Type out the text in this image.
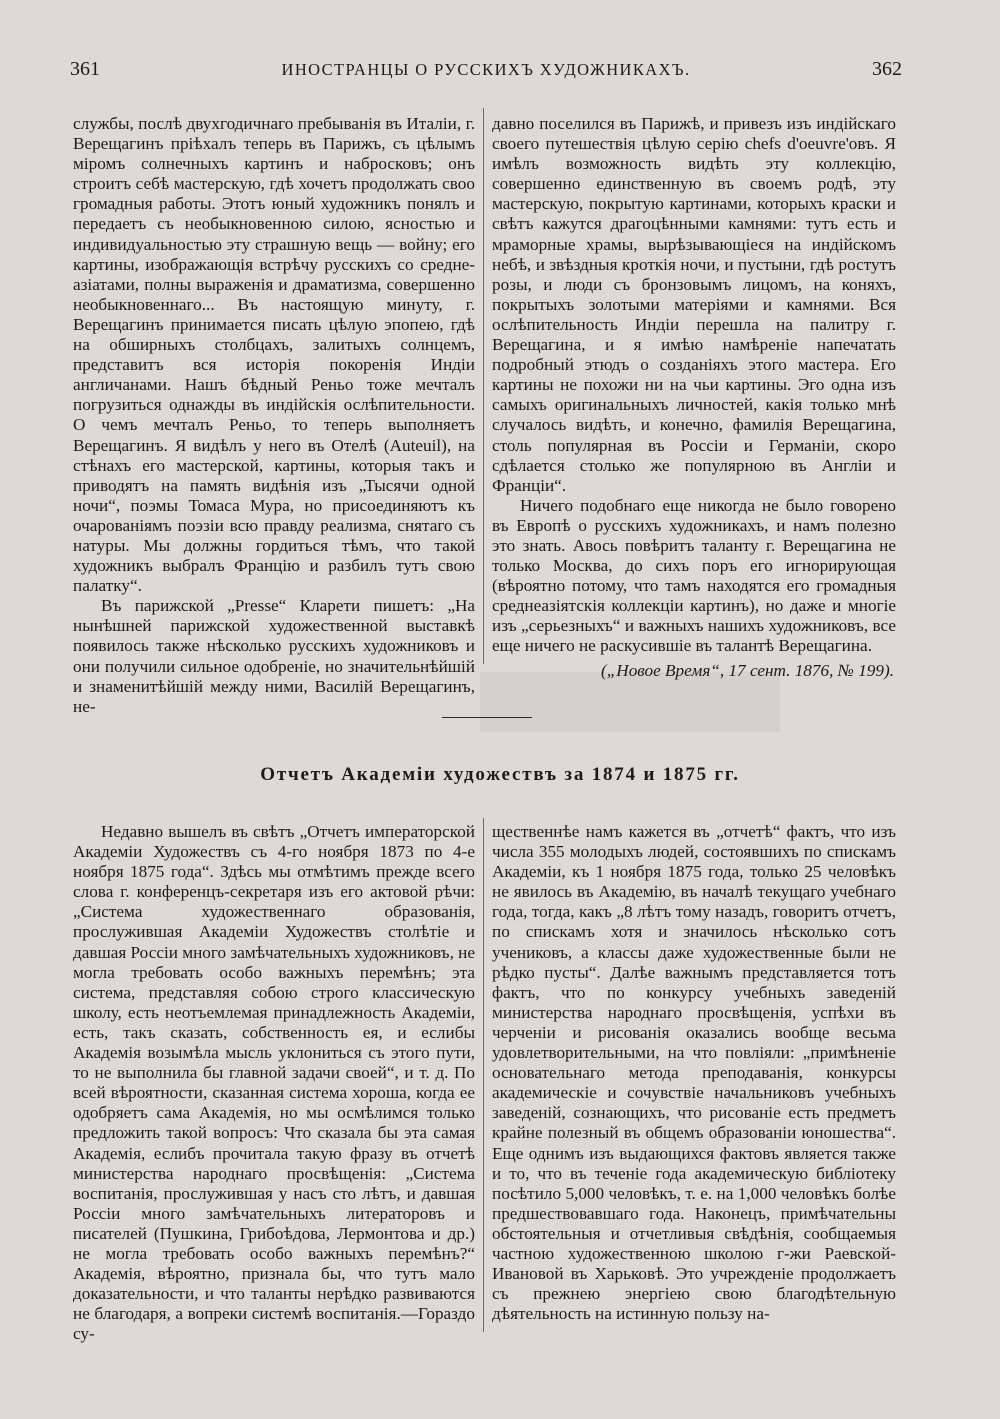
361	ИНОСТРАНЦЫ О РУССКИХЪ ХУДОЖНИКАХЪ.	362

службы, послѣ двухгодичнаго пребыванія въ Италіи, г. Верещагинъ пріѣхалъ теперь въ Парижъ, съ цѣлымъ міромъ солнечныхъ картинъ и набросковъ; онъ строитъ себѣ мастерскую, гдѣ хочетъ продолжать своо громадныя работы. Этотъ юный художникъ понялъ и передаетъ съ необыкновенною силою, ясностью и индивидуальностью эту страшную вещь — войну; его картины, изображающія встрѣчу русскихъ со средне-азіатами, полны выраженія и драматизма, совершенно необыкновеннаго... Въ настоящую минуту, г. Верещагинъ принимается писать цѣлую эпопею, гдѣ на обширныхъ столбцахъ, залитыхъ солнцемъ, представитъ вся исторія покоренія Индіи англичанами. Нашъ бѣдный Реньо тоже мечталъ погрузиться однажды въ индійскія ослѣпительности. О чемъ мечталъ Реньо, то теперь выполняетъ Верещагинъ. Я видѣлъ у него въ Отелѣ (Auteuil), на стѣнахъ его мастерской, картины, которыя такъ и приводятъ на память видѣнія изъ „Тысячи одной ночи“, поэмы Томаса Мура, но присоединяютъ къ очарованіямъ поэзіи всю правду реализма, снятаго съ натуры. Мы должны гордиться тѣмъ, что такой художникъ выбралъ Францію и разбилъ тутъ свою палатку“.

Въ парижской „Presse“ Кларети пишетъ: „На нынѣшней парижской художественной выставкѣ появилось также нѣсколько русскихъ художниковъ и они получили сильное одобреніе, но значительнѣйшій и знаменитѣйшій между ними, Василій Верещагинъ, не-

давно поселился въ Парижѣ, и привезъ изъ индійскаго своего путешествія цѣлую серію chefs d'oeuvre'овъ. Я имѣлъ возможность видѣть эту коллекцію, совершенно единственную въ своемъ родѣ, эту мастерскую, покрытую картинами, которыхъ краски и свѣтъ кажутся драгоцѣнными камнями: тутъ есть и мраморные храмы, вырѣзывающіеся на индійскомъ небѣ, и звѣздныя кроткія ночи, и пустыни, гдѣ ростутъ розы, и люди съ бронзовымъ лицомъ, на коняхъ, покрытыхъ золотыми матеріями и камнями. Вся ослѣпительность Индіи перешла на палитру г. Верещагина, и я имѣю намѣреніе напечатать подробный этюдъ о созданіяхъ этого мастера. Его картины не похожи ни на чьи картины. Эго одна изъ самыхъ оригинальныхъ личностей, какія только мнѣ случалось видѣть, и конечно, фамилія Верещагина, столь популярная въ Россіи и Германіи, скоро сдѣлается столько же популярною въ Англіи и Франціи“.

Ничего подобнаго еще никогда не было говорено въ Европѣ о русскихъ художникахъ, и намъ полезно это знать. Авось повѣритъ таланту г. Верещагина не только Москва, до сихъ поръ его игнорирующая (вѣроятно потому, что тамъ находятся его громадныя среднеазіятскія коллекціи картинъ), но даже и многіе изъ „серьезныхъ“ и важныхъ нашихъ художниковъ, все еще ничего не раскусившіе въ талантѣ Верещагина.

(„Новое Время“, 17 сент. 1876, № 199).

Отчетъ Академіи художествъ за 1874 и 1875 гг.

Недавно вышелъ въ свѣтъ „Отчетъ императорской Академіи Художествъ съ 4-го ноября 1873 по 4-е ноября 1875 года“. Здѣсь мы отмѣтимъ прежде всего слова г. конференцъ-секретаря изъ его актовой рѣчи: „Система художественнаго образованія, прослужившая Академіи Художествъ столѣтіе и давшая Россіи много замѣчательныхъ художниковъ, не могла требовать особо важныхъ перемѣнъ; эта система, представляя собою строго классическую школу, есть неотъемлемая принадлежность Академіи, есть, такъ сказать, собственность ея, и еслибы Академія возымѣла мысль уклониться съ этого пути, то не выполнила бы главной задачи своей“, и т. д. По всей вѣроятности, сказанная система хороша, когда ее одобряетъ сама Академія, но мы осмѣлимся только предложить такой вопросъ: Что сказала бы эта самая Академія, еслибъ прочитала такую фразу въ отчетѣ министерства народнаго просвѣщенія: „Система воспитанія, прослужившая у насъ сто лѣтъ, и давшая Россіи много замѣчательныхъ литераторовъ и писателей (Пушкина, Грибоѣдова, Лермонтова и др.) не могла требовать особо важныхъ перемѣнъ?“ Академія, вѣроятно, признала бы, что тутъ мало доказательности, и что таланты нерѣдко развиваются не благодаря, а вопреки системѣ воспитанія.—Гораздо су-

щественнѣе намъ кажется въ „отчетѣ“ фактъ, что изъ числа 355 молодыхъ людей, состоявшихъ по спискамъ Академіи, къ 1 ноября 1875 года, только 25 человѣкъ не явилось въ Академію, въ началѣ текущаго учебнаго года, тогда, какъ „8 лѣтъ тому назадъ, говоритъ отчетъ, по спискамъ хотя и значилось нѣсколько сотъ учениковъ, а классы даже художественные были не рѣдко пусты“. Далѣе важнымъ представляется тотъ фактъ, что по конкурсу учебныхъ заведеній министерства народнаго просвѣщенія, успѣхи въ черченіи и рисованія оказались вообще весьма удовлетворительными, на что повліяли: „примѣненіе основательнаго метода преподаванія, конкурсы академическіе и сочувствіе начальниковъ учебныхъ заведеній, сознающихъ, что рисованіе есть предметъ крайне полезный въ общемъ образованіи юношества“. Еще однимъ изъ выдающихся фактовъ является также и то, что въ теченіе года академическую библіотеку посѣтило 5,000 человѣкъ, т. е. на 1,000 человѣкъ болѣе предшествовавшаго года. Наконецъ, примѣчательны обстоятельныя и отчетливыя свѣдѣнія, сообщаемыя частною художественною школою г-жи Раевской-Ивановой въ Харьковѣ. Это учрежденіе продолжаетъ съ прежнею энергіею свою благодѣтельную дѣятельность на истинную пользу на-
